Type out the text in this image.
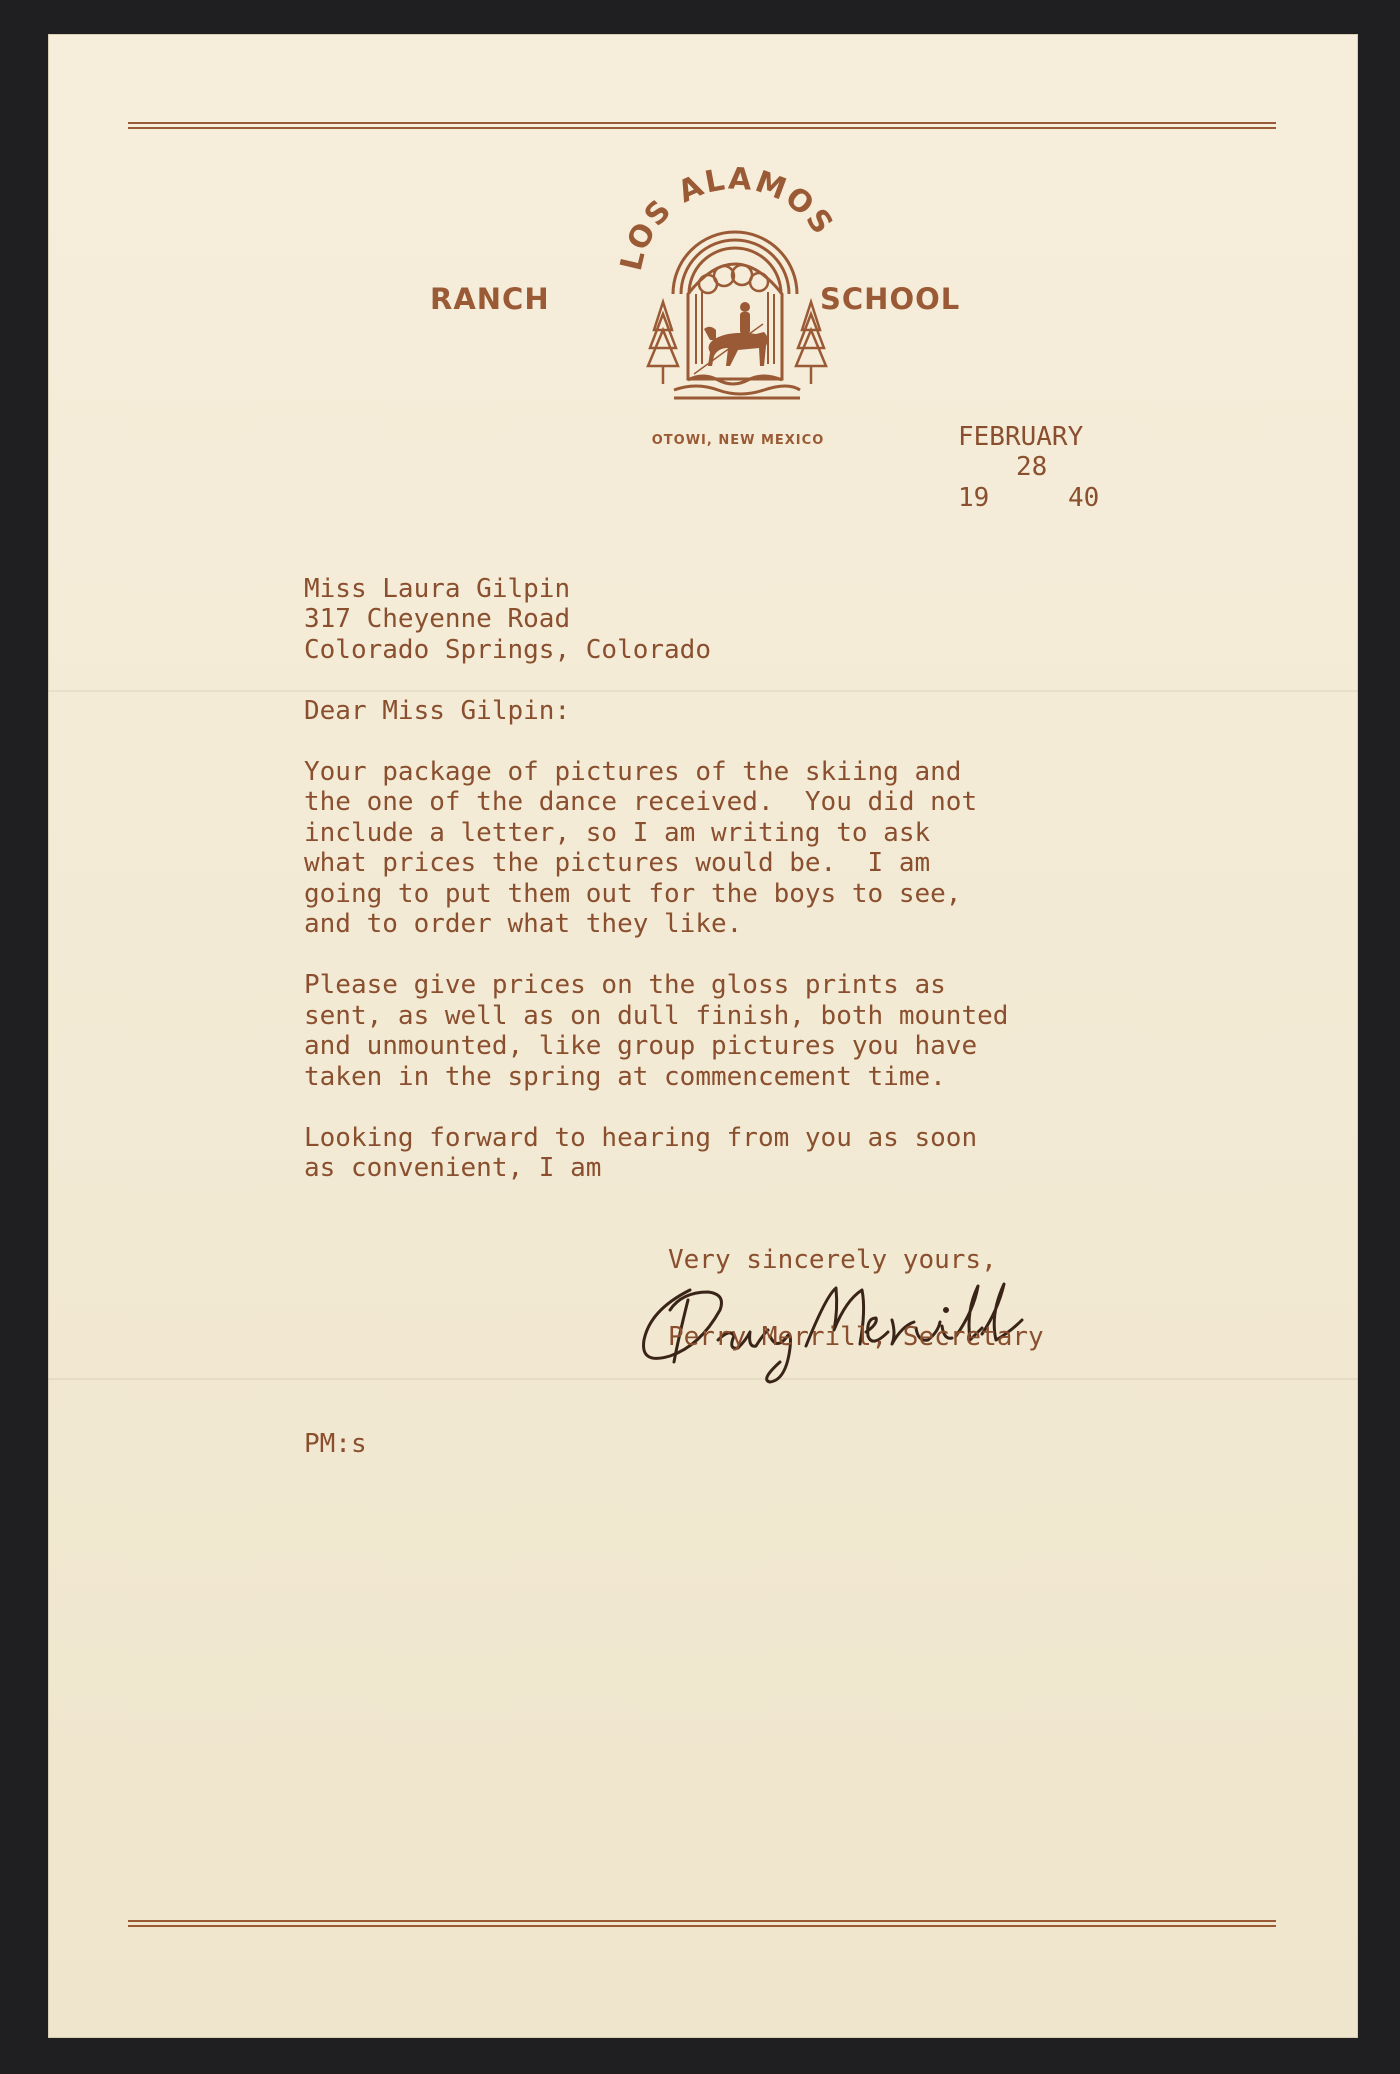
LOS ALAMOS
OTOWI, NEW MEXICO
RANCH	SCHOOL
FEBRUARY
28
19	40
Miss Laura Gilpin
317 Cheyenne Road
Colorado Springs, Colorado
Dear Miss Gilpin:
Your package of pictures of the skiing and
the one of the dance received.  You did not
include a letter, so I am writing to ask
what prices the pictures would be.  I am
going to put them out for the boys to see,
and to order what they like.
Please give prices on the gloss prints as
sent, as well as on dull finish, both mounted
and unmounted, like group pictures you have
taken in the spring at commencement time.
Looking forward to hearing from you as soon
as convenient, I am
Very sincerely yours,
Perry Merrill, Secretary
PM:s
